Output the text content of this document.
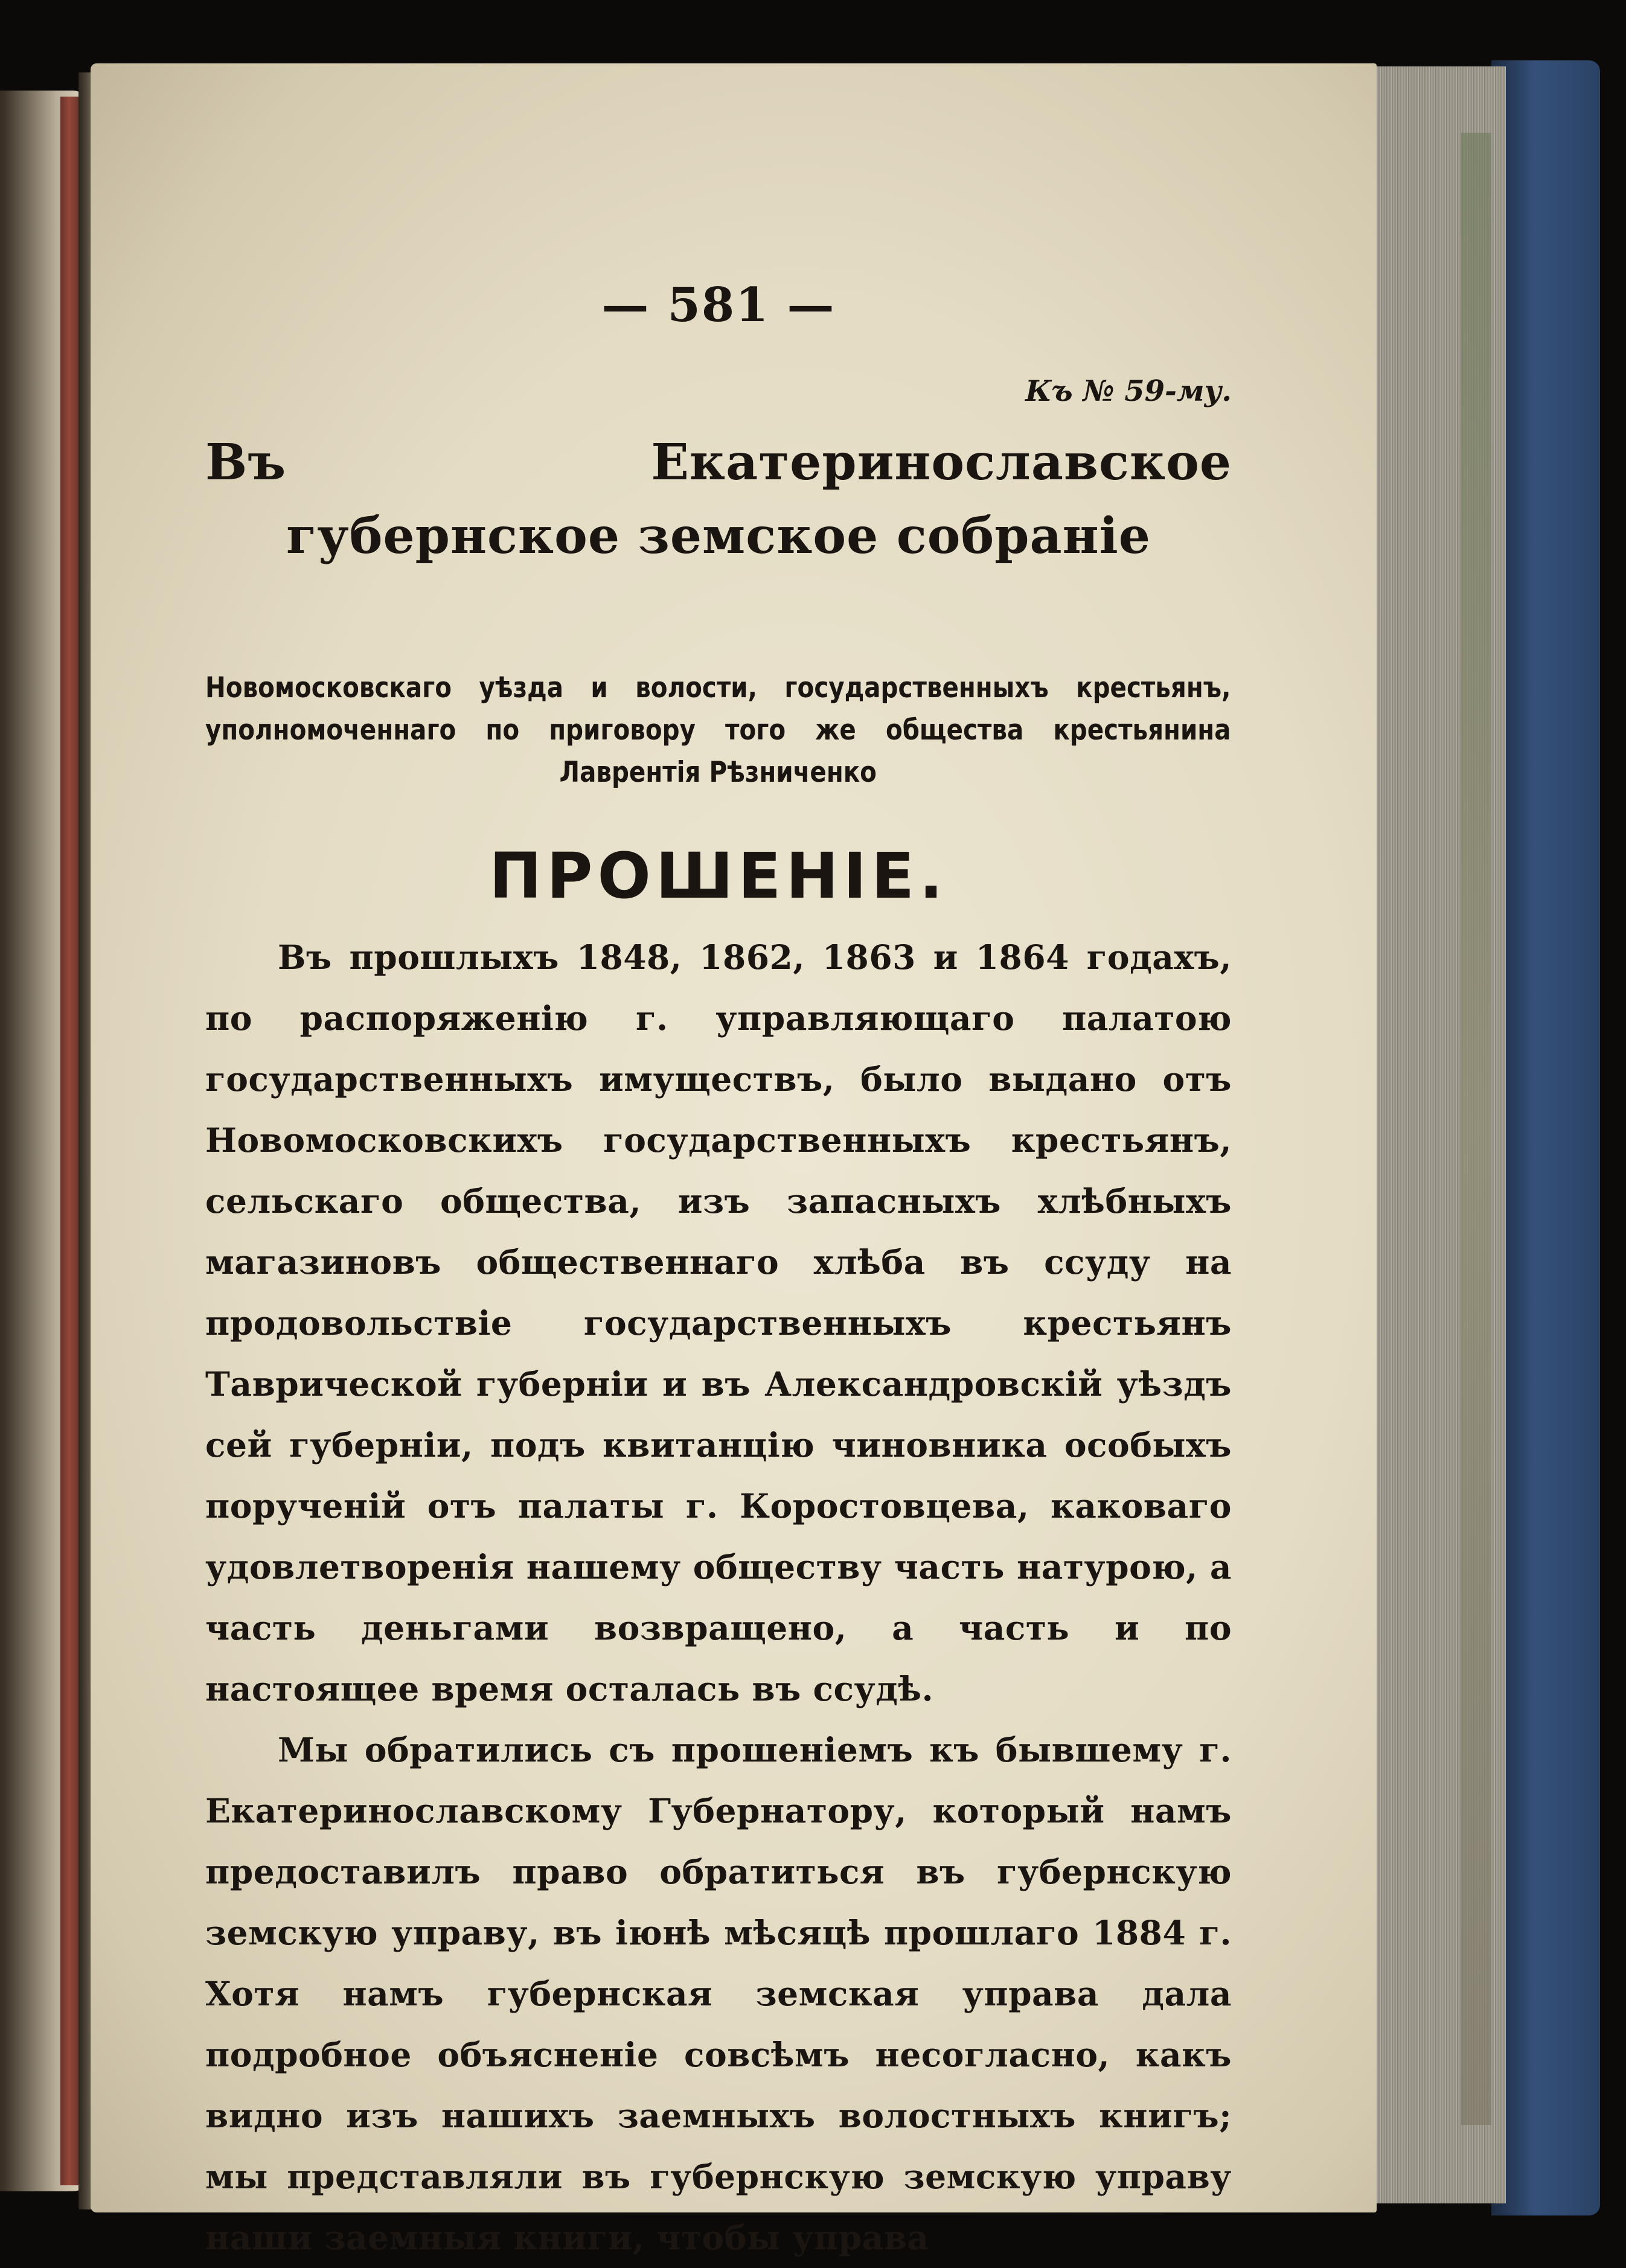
— 581 —
Къ № 59-му.
Въ Екатеринославское губернское земское собраніе
Новомосковскаго уѣзда и волости, государственныхъ крестьянъ, уполномоченнаго по приговору того же общества крестьянина Лаврентія Рѣзниченко
ПРОШЕНІЕ.

Въ прошлыхъ 1848, 1862, 1863 и 1864 годахъ, по распоряженію г. управляющаго палатою государственныхъ имуществъ, было выдано отъ Новомосковскихъ государственныхъ крестьянъ, сельскаго общества, изъ запасныхъ хлѣбныхъ магазиновъ общественнаго хлѣба въ ссуду на продовольствіе государственныхъ крестьянъ Таврической губерніи и въ Александровскій уѣздъ сей губерніи, подъ квитанцію чиновника особыхъ порученій отъ палаты г. Коростовцева, каковаго удовлетворенія нашему обществу часть натурою, а часть деньгами возвращено, а часть и по настоящее время осталась въ ссудѣ.

Мы обратились съ прошеніемъ къ бывшему г. Екатеринославскому Губернатору, который намъ предоставилъ право обратиться въ губернскую земскую управу, въ іюнѣ мѣсяцѣ прошлаго 1884 г. Хотя намъ губернская земская управа дала подробное объясненіе совсѣмъ несогласно, какъ видно изъ нашихъ заемныхъ волостныхъ книгъ; мы представляли въ губернскую земскую управу наши заемныя книги, чтобы управа
